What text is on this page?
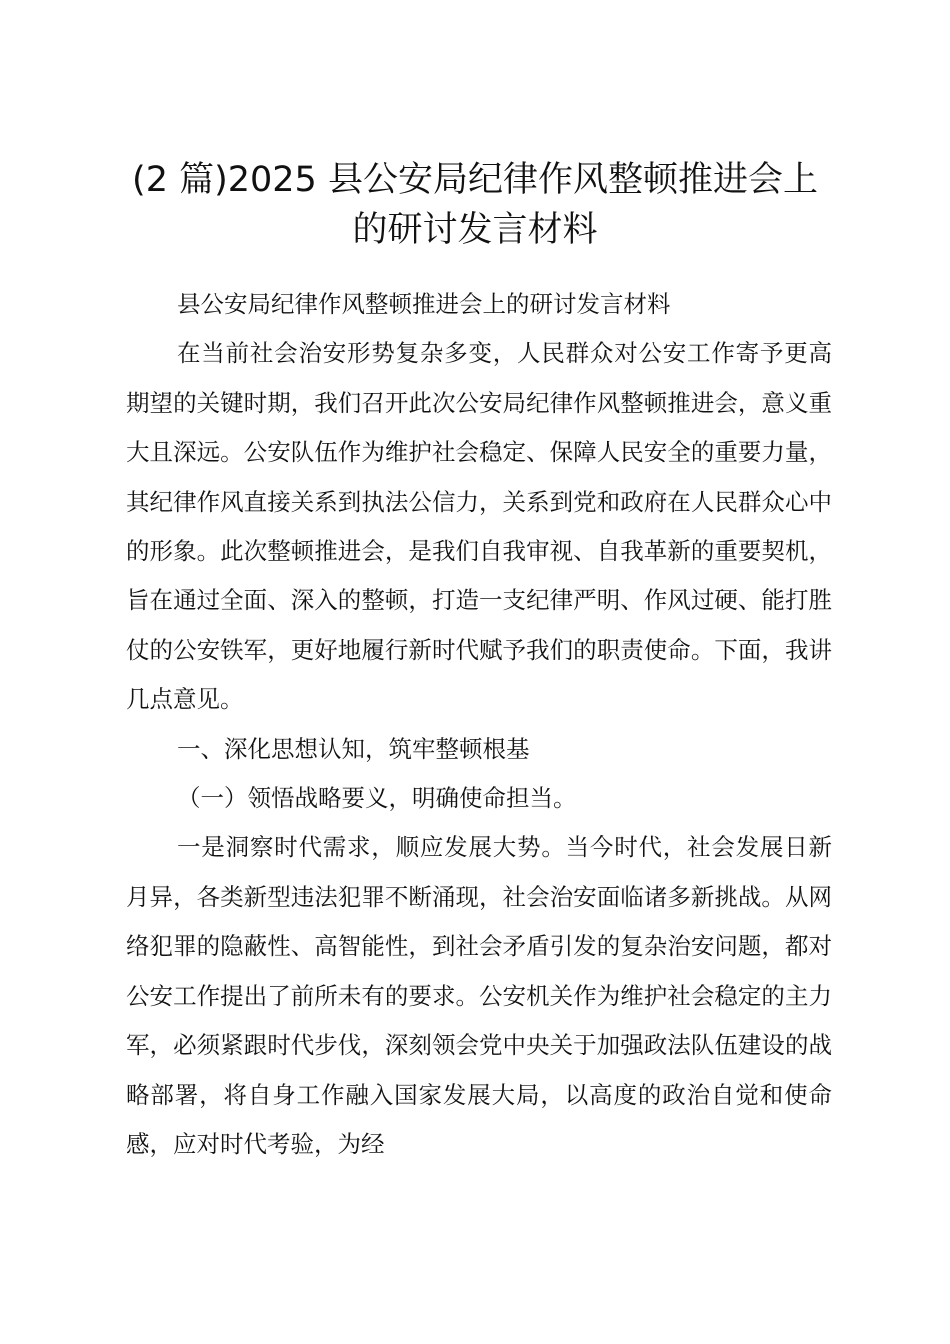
(2 篇)2025 县公安局纪律作风整顿推进会上
的研讨发言材料

县公安局纪律作风整顿推进会上的研讨发言材料

在当前社会治安形势复杂多变，人民群众对公安工作寄予更高期望的关键时期，我们召开此次公安局纪律作风整顿推进会，意义重大且深远。公安队伍作为维护社会稳定、保障人民安全的重要力量，其纪律作风直接关系到执法公信力，关系到党和政府在人民群众心中的形象。此次整顿推进会，是我们自我审视、自我革新的重要契机，旨在通过全面、深入的整顿，打造一支纪律严明、作风过硬、能打胜仗的公安铁军，更好地履行新时代赋予我们的职责使命。下面，我讲几点意见。

一、深化思想认知，筑牢整顿根基

（一）领悟战略要义，明确使命担当。

一是洞察时代需求，顺应发展大势。当今时代，社会发展日新月异，各类新型违法犯罪不断涌现，社会治安面临诸多新挑战。从网络犯罪的隐蔽性、高智能性，到社会矛盾引发的复杂治安问题，都对公安工作提出了前所未有的要求。公安机关作为维护社会稳定的主力军，必须紧跟时代步伐，深刻领会党中央关于加强政法队伍建设的战略部署，将自身工作融入国家发展大局，以高度的政治自觉和使命感，应对时代考验，为经
